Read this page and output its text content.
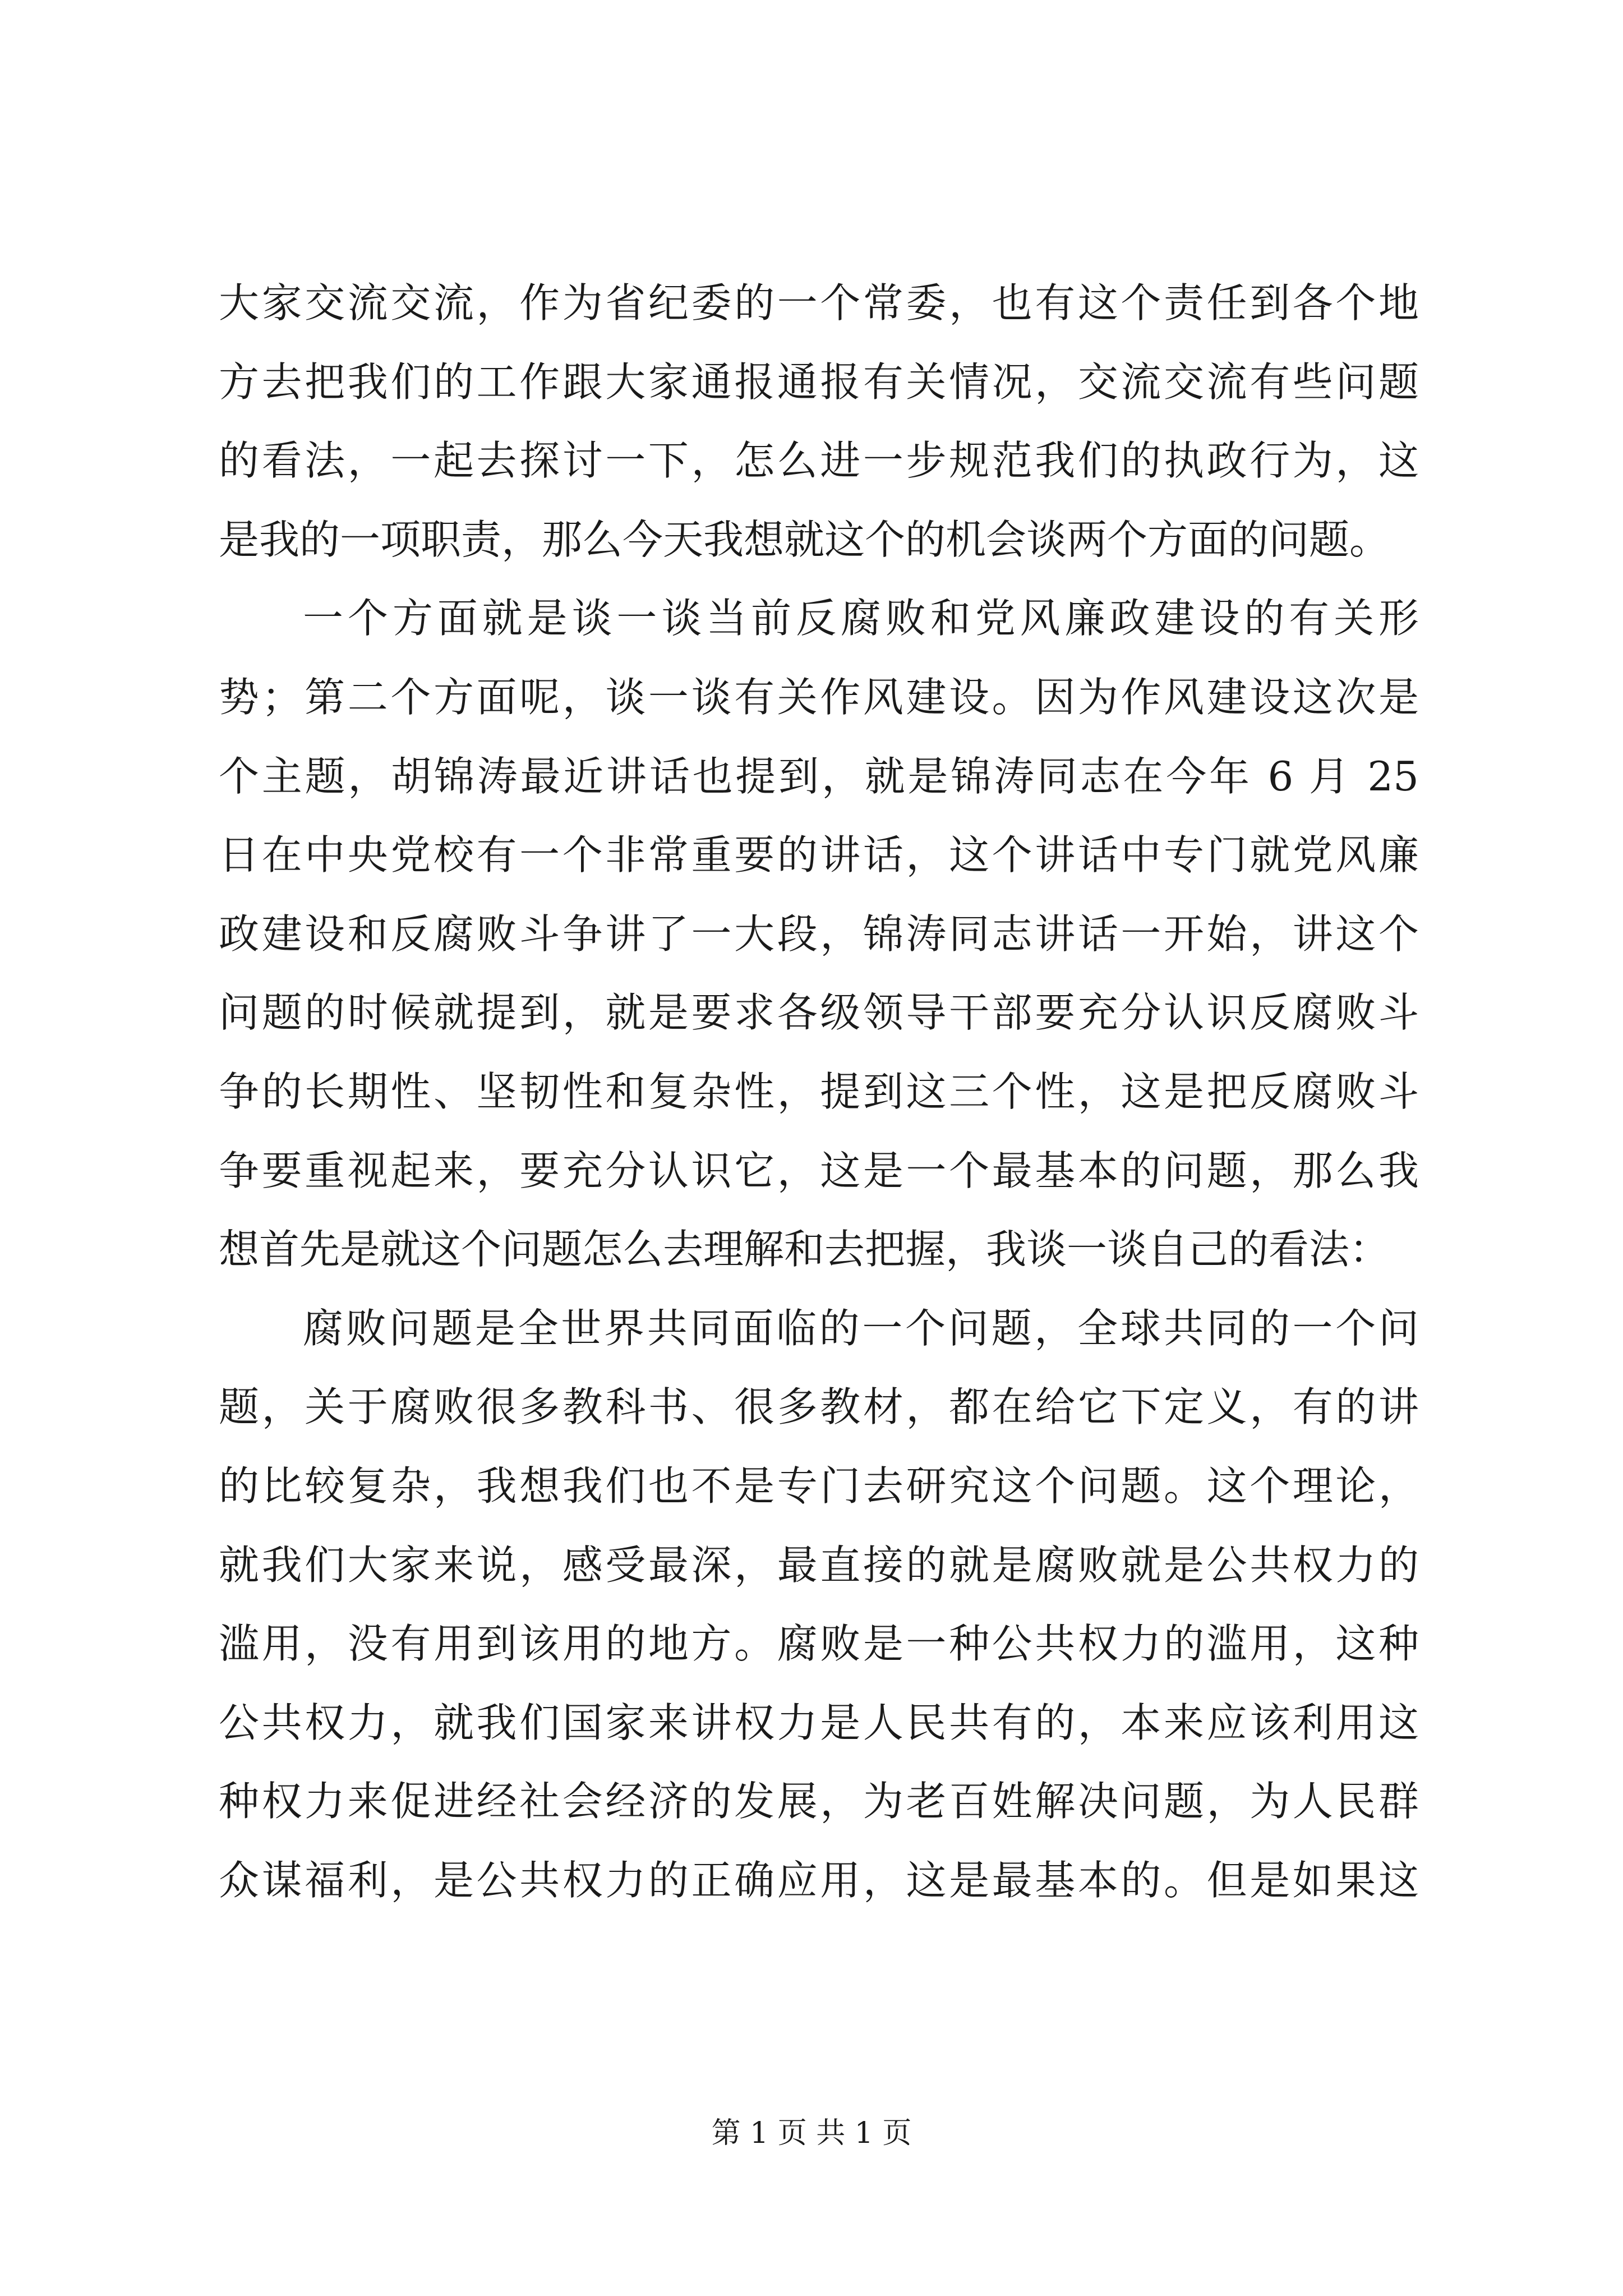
大家交流交流，作为省纪委的一个常委，也有这个责任到各个地
方去把我们的工作跟大家通报通报有关情况，交流交流有些问题
的看法，一起去探讨一下，怎么进一步规范我们的执政行为，这
是我的一项职责，那么今天我想就这个的机会谈两个方面的问题。
一个方面就是谈一谈当前反腐败和党风廉政建设的有关形
势；第二个方面呢，谈一谈有关作风建设。因为作风建设这次是
个主题，胡锦涛最近讲话也提到，就是锦涛同志在今年 6 月 25
日在中央党校有一个非常重要的讲话，这个讲话中专门就党风廉
政建设和反腐败斗争讲了一大段，锦涛同志讲话一开始，讲这个
问题的时候就提到，就是要求各级领导干部要充分认识反腐败斗
争的长期性、坚韧性和复杂性，提到这三个性，这是把反腐败斗
争要重视起来，要充分认识它，这是一个最基本的问题，那么我
想首先是就这个问题怎么去理解和去把握，我谈一谈自己的看法：
腐败问题是全世界共同面临的一个问题，全球共同的一个问
题，关于腐败很多教科书、很多教材，都在给它下定义，有的讲
的比较复杂，我想我们也不是专门去研究这个问题。这个理论，
就我们大家来说，感受最深，最直接的就是腐败就是公共权力的
滥用，没有用到该用的地方。腐败是一种公共权力的滥用，这种
公共权力，就我们国家来讲权力是人民共有的，本来应该利用这
种权力来促进经社会经济的发展，为老百姓解决问题，为人民群
众谋福利，是公共权力的正确应用，这是最基本的。但是如果这
第 1 页 共 1 页
